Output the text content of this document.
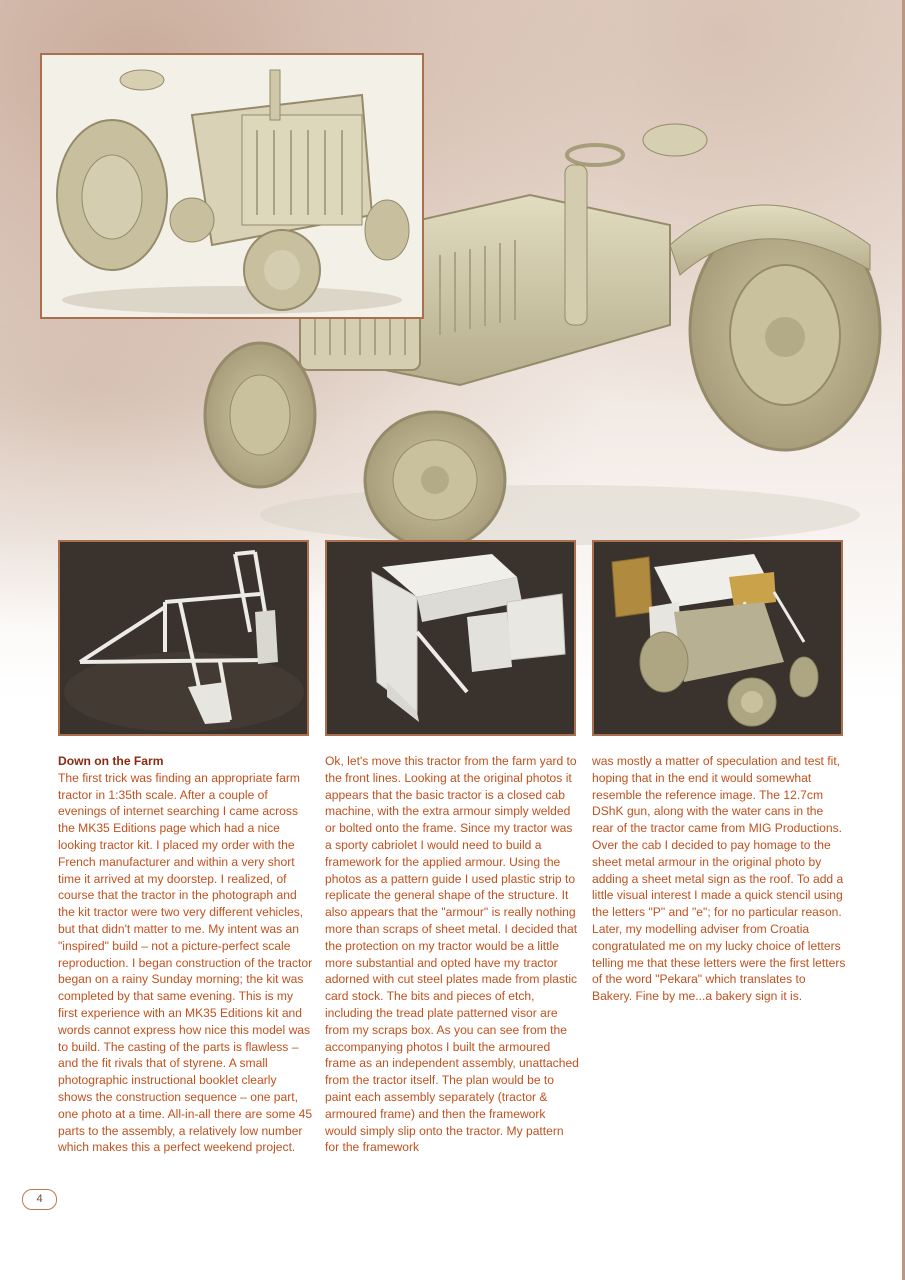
Down on the Farm

The first trick was finding an appropriate farm tractor in 1:35th scale. After a couple of evenings of internet searching I came across the MK35 Editions page which had a nice looking tractor kit. I placed my order with the French manufacturer and within a very short time it arrived at my doorstep. I realized, of course that the tractor in the photograph and the kit tractor were two very different vehicles, but that didn't matter to me. My intent was an "inspired" build – not a picture-perfect scale reproduction. I began construction of the tractor began on a rainy Sunday morning; the kit was completed by that same evening. This is my first experience with an MK35 Editions kit and words cannot express how nice this model was to build. The casting of the parts is flawless – and the fit rivals that of styrene. A small photographic instructional booklet clearly shows the construction sequence – one part, one photo at a time. All-in-all there are some 45 parts to the assembly, a relatively low number which makes this a perfect weekend project.

Ok, let's move this tractor from the farm yard to the front lines. Looking at the original photos it appears that the basic tractor is a closed cab machine, with the extra armour simply welded or bolted onto the frame. Since my tractor was a sporty cabriolet I would need to build a framework for the applied armour. Using the photos as a pattern guide I used plastic strip to replicate the general shape of the structure. It also appears that the "armour" is really nothing more than scraps of sheet metal. I decided that the protection on my tractor would be a little more substantial and opted have my tractor adorned with cut steel plates made from plastic card stock. The bits and pieces of etch, including the tread plate patterned visor are from my scraps box. As you can see from the accompanying photos I built the armoured frame as an independent assembly, unattached from the tractor itself. The plan would be to paint each assembly separately (tractor & armoured frame) and then the framework would simply slip onto the tractor. My pattern for the framework

was mostly a matter of speculation and test fit, hoping that in the end it would somewhat resemble the reference image. The 12.7cm DShK gun, along with the water cans in the rear of the tractor came from MIG Productions. Over the cab I decided to pay homage to the sheet metal armour in the original photo by adding a sheet metal sign as the roof. To add a little visual interest I made a quick stencil using the letters "P" and "e"; for no particular reason. Later, my modelling adviser from Croatia congratulated me on my lucky choice of letters telling me that these letters were the first letters of the word "Pekara" which translates to Bakery. Fine by me...a bakery sign it is.

4
